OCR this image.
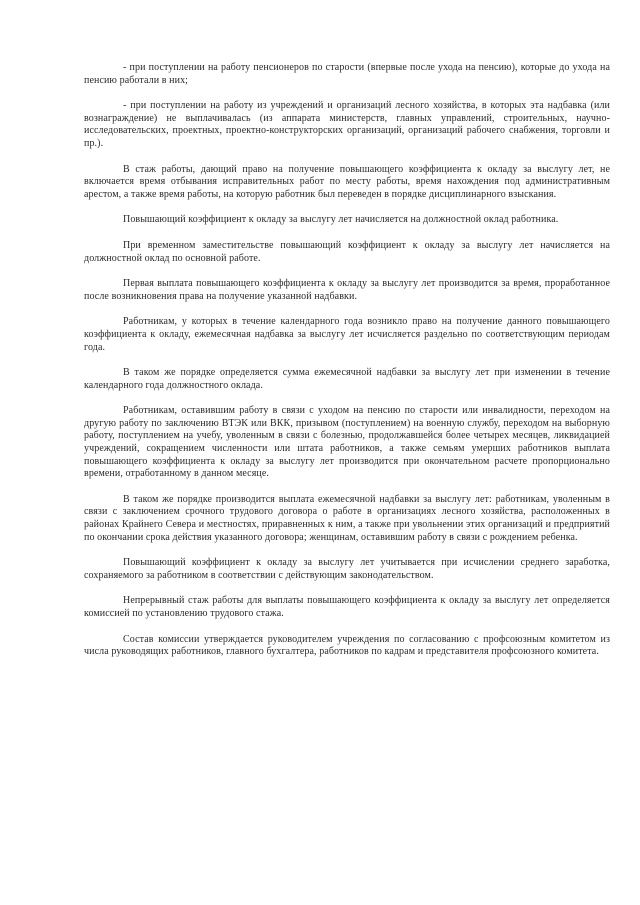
- при поступлении на работу пенсионеров по старости (впервые после ухода на пенсию), которые до ухода на пенсию работали в них;

- при поступлении на работу из учреждений и организаций лесного хозяйства, в которых эта надбавка (или вознаграждение) не выплачивалась (из аппарата министерств, главных управлений, строительных, научно-исследовательских, проектных, проектно-конструкторских организаций, организаций рабочего снабжения, торговли и пр.).

В стаж работы, дающий право на получение повышающего коэффициента к окладу за выслугу лет, не включается время отбывания исправительных работ по месту работы, время нахождения под административным арестом, а также время работы, на которую работник был переведен в порядке дисциплинарного взыскания.

Повышающий коэффициент к окладу за выслугу лет начисляется на должностной оклад работника.

При временном заместительстве повышающий коэффициент к окладу за выслугу лет начисляется на должностной оклад по основной работе.

Первая выплата повышающего коэффициента к окладу за выслугу лет производится за время, проработанное после возникновения права на получение указанной надбавки.

Работникам, у которых в течение календарного года возникло право на получение данного повышающего коэффициента к окладу, ежемесячная надбавка за выслугу лет исчисляется раздельно по соответствующим периодам года.

В таком же порядке определяется сумма ежемесячной надбавки за выслугу лет при изменении в течение календарного года должностного оклада.

Работникам, оставившим работу в связи с уходом на пенсию по старости или инвалидности, переходом на другую работу по заключению ВТЭК или ВКК, призывом (поступлением) на военную службу, переходом на выборную работу, поступлением на учебу, уволенным в связи с болезнью, продолжавшейся более четырех месяцев, ликвидацией учреждений, сокращением численности или штата работников, а также семьям умерших работников выплата повышающего коэффициента к окладу за выслугу лет производится при окончательном расчете пропорционально времени, отработанному в данном месяце.

В таком же порядке производится выплата ежемесячной надбавки за выслугу лет: работникам, уволенным в связи с заключением срочного трудового договора о работе в организациях лесного хозяйства, расположенных в районах Крайнего Севера и местностях, приравненных к ним, а также при увольнении этих организаций и предприятий по окончании срока действия указанного договора; женщинам, оставившим работу в связи с рождением ребенка.

Повышающий коэффициент к окладу за выслугу лет учитывается при исчислении среднего заработка, сохраняемого за работником в соответствии с действующим законодательством.

Непрерывный стаж работы для выплаты повышающего коэффициента к окладу за выслугу лет определяется комиссией по установлению трудового стажа.

Состав комиссии утверждается руководителем учреждения по согласованию с профсоюзным комитетом из числа руководящих работников, главного бухгалтера, работников по кадрам и представителя профсоюзного комитета.
